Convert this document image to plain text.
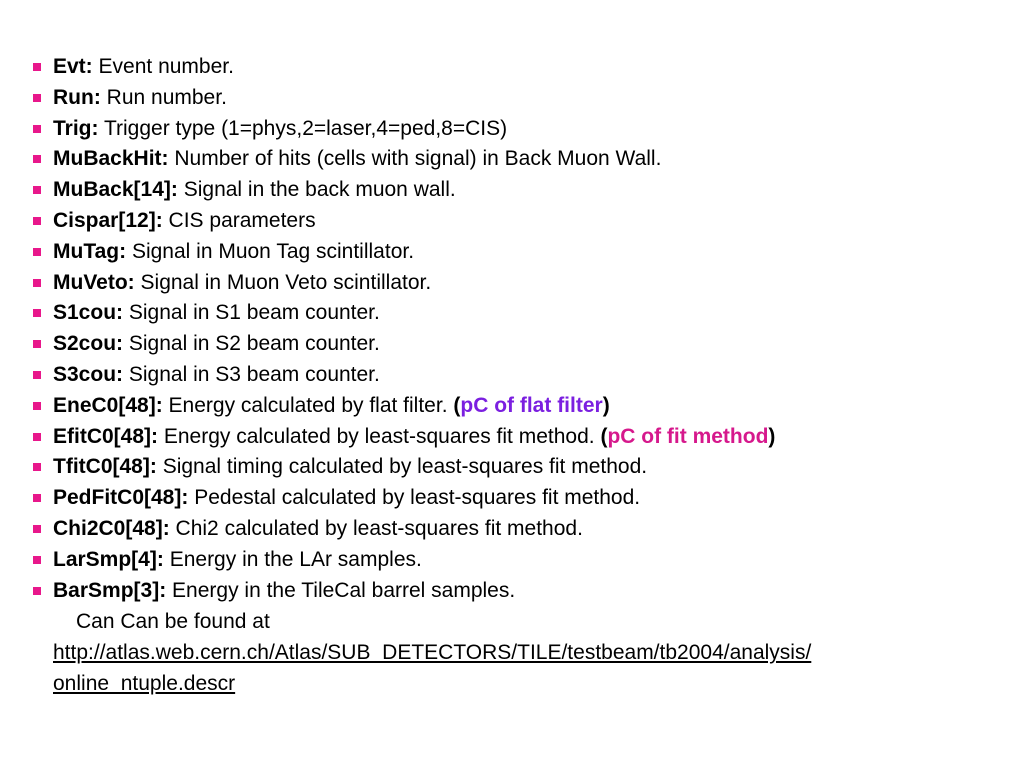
Evt: Event number.
Run: Run number.
Trig: Trigger type (1=phys,2=laser,4=ped,8=CIS)
MuBackHit: Number of hits (cells with signal) in Back Muon Wall.
MuBack[14]: Signal in the back muon wall.
Cispar[12]: CIS parameters
MuTag: Signal in Muon Tag scintillator.
MuVeto: Signal in Muon Veto scintillator.
S1cou: Signal in S1 beam counter.
S2cou: Signal in S2 beam counter.
S3cou: Signal in S3 beam counter.
EneC0[48]: Energy calculated by flat filter. (pC of flat filter)
EfitC0[48]: Energy calculated by least-squares fit method. (pC of fit method)
TfitC0[48]: Signal timing calculated by least-squares fit method.
PedFitC0[48]: Pedestal calculated by least-squares fit method.
Chi2C0[48]: Chi2 calculated by least-squares fit method.
LarSmp[4]: Energy in the LAr samples.
BarSmp[3]: Energy in the TileCal barrel samples.
Can Can be found at
http://atlas.web.cern.ch/Atlas/SUB_DETECTORS/TILE/testbeam/tb2004/analysis/
online_ntuple.descr
